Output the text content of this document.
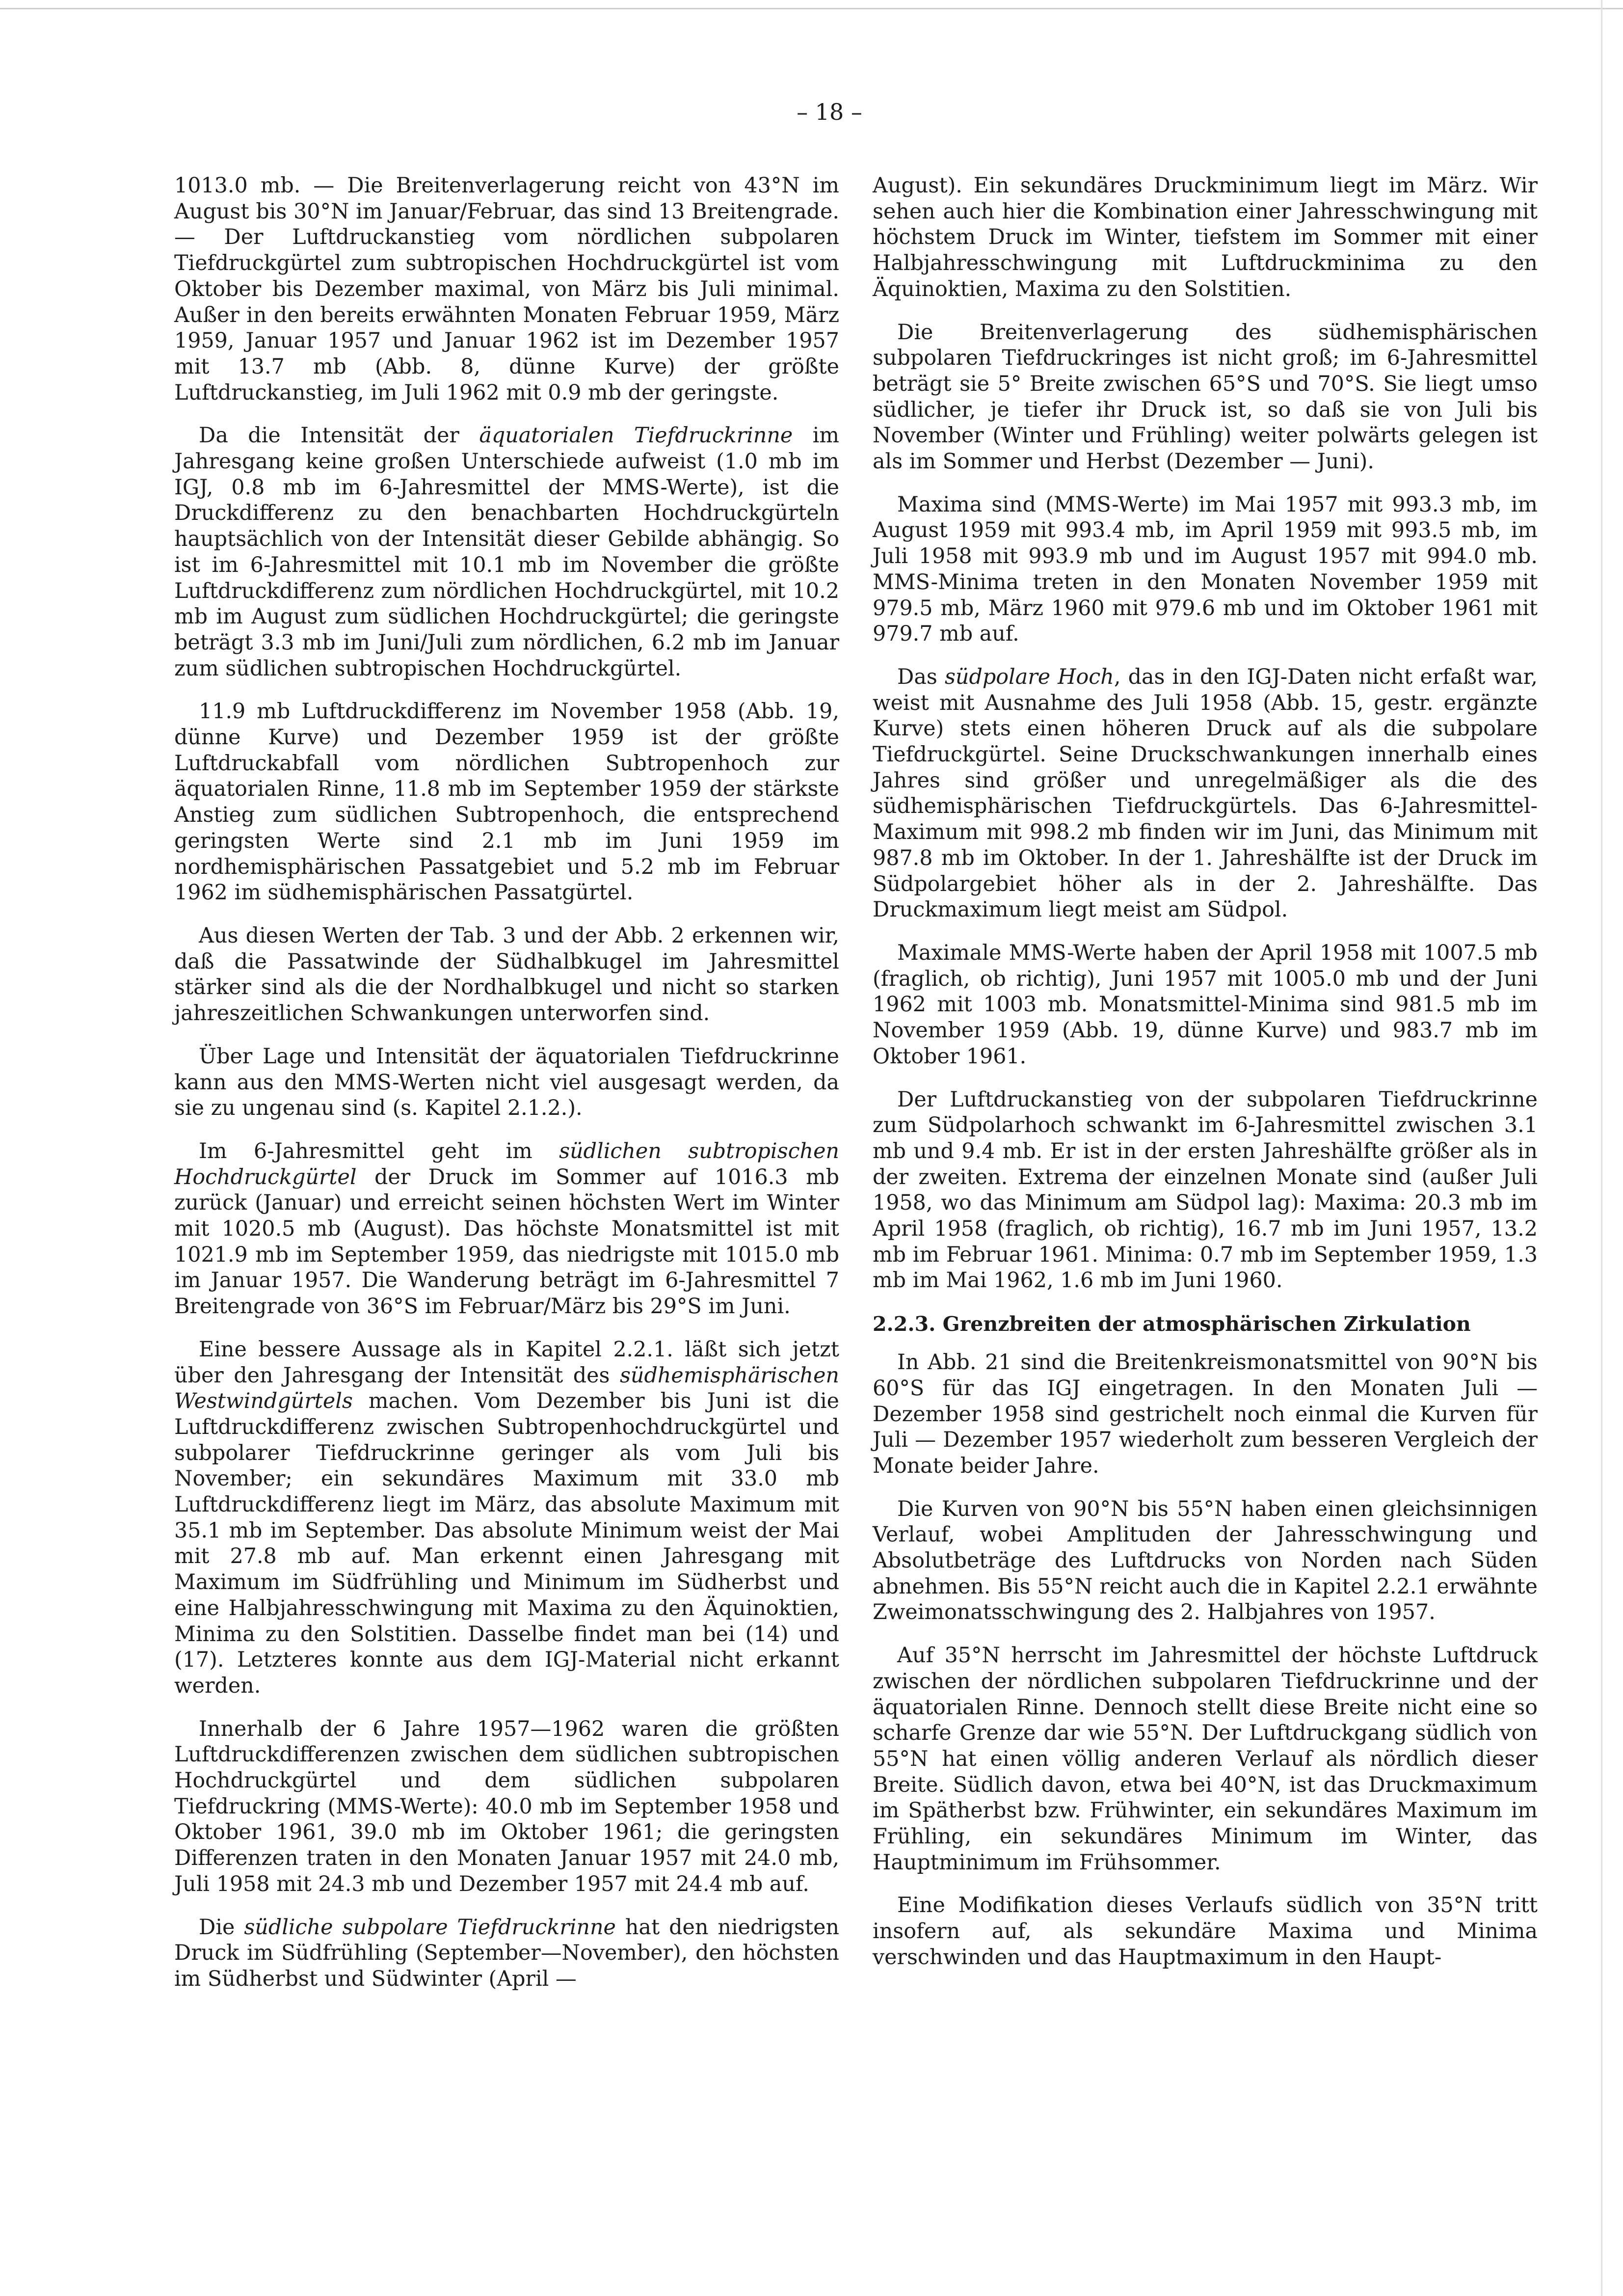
– 18 –

1013.0 mb. — Die Breitenverlagerung reicht von 43°N im August bis 30°N im Januar/Februar, das sind 13 Breitengrade. — Der Luftdruckanstieg vom nördlichen subpolaren Tiefdruckgürtel zum subtropischen Hochdruckgürtel ist vom Oktober bis Dezember maximal, von März bis Juli minimal. Außer in den bereits erwähnten Monaten Februar 1959, März 1959, Januar 1957 und Januar 1962 ist im Dezember 1957 mit 13.7 mb (Abb. 8, dünne Kurve) der größte Luftdruckanstieg, im Juli 1962 mit 0.9 mb der geringste.

Da die Intensität der äquatorialen Tiefdruckrinne im Jahresgang keine großen Unterschiede aufweist (1.0 mb im IGJ, 0.8 mb im 6-Jahresmittel der MMS-Werte), ist die Druckdifferenz zu den benachbarten Hochdruckgürteln hauptsächlich von der Intensität dieser Gebilde abhängig. So ist im 6-Jahresmittel mit 10.1 mb im November die größte Luftdruckdifferenz zum nördlichen Hochdruckgürtel, mit 10.2 mb im August zum südlichen Hochdruckgürtel; die geringste beträgt 3.3 mb im Juni/Juli zum nördlichen, 6.2 mb im Januar zum südlichen subtropischen Hochdruckgürtel.

11.9 mb Luftdruckdifferenz im November 1958 (Abb. 19, dünne Kurve) und Dezember 1959 ist der größte Luftdruckabfall vom nördlichen Subtropenhoch zur äquatorialen Rinne, 11.8 mb im September 1959 der stärkste Anstieg zum südlichen Subtropenhoch, die entsprechend geringsten Werte sind 2.1 mb im Juni 1959 im nordhemisphärischen Passatgebiet und 5.2 mb im Februar 1962 im südhemisphärischen Passatgürtel.

Aus diesen Werten der Tab. 3 und der Abb. 2 erkennen wir, daß die Passatwinde der Südhalbkugel im Jahresmittel stärker sind als die der Nordhalbkugel und nicht so starken jahreszeitlichen Schwankungen unterworfen sind.

Über Lage und Intensität der äquatorialen Tiefdruckrinne kann aus den MMS-Werten nicht viel ausgesagt werden, da sie zu ungenau sind (s. Kapitel 2.1.2.).

Im 6-Jahresmittel geht im südlichen subtropischen Hochdruckgürtel der Druck im Sommer auf 1016.3 mb zurück (Januar) und erreicht seinen höchsten Wert im Winter mit 1020.5 mb (August). Das höchste Monatsmittel ist mit 1021.9 mb im September 1959, das niedrigste mit 1015.0 mb im Januar 1957. Die Wanderung beträgt im 6-Jahresmittel 7 Breitengrade von 36°S im Februar/März bis 29°S im Juni.

Eine bessere Aussage als in Kapitel 2.2.1. läßt sich jetzt über den Jahresgang der Intensität des südhemisphärischen Westwindgürtels machen. Vom Dezember bis Juni ist die Luftdruckdifferenz zwischen Subtropenhochdruckgürtel und subpolarer Tiefdruckrinne geringer als vom Juli bis November; ein sekundäres Maximum mit 33.0 mb Luftdruckdifferenz liegt im März, das absolute Maximum mit 35.1 mb im September. Das absolute Minimum weist der Mai mit 27.8 mb auf. Man erkennt einen Jahresgang mit Maximum im Südfrühling und Minimum im Südherbst und eine Halbjahresschwingung mit Maxima zu den Äquinoktien, Minima zu den Solstitien. Dasselbe findet man bei (14) und (17). Letzteres konnte aus dem IGJ-Material nicht erkannt werden.

Innerhalb der 6 Jahre 1957—1962 waren die größten Luftdruckdifferenzen zwischen dem südlichen subtropischen Hochdruckgürtel und dem südlichen subpolaren Tiefdruckring (MMS-Werte): 40.0 mb im September 1958 und Oktober 1961, 39.0 mb im Oktober 1961; die geringsten Differenzen traten in den Monaten Januar 1957 mit 24.0 mb, Juli 1958 mit 24.3 mb und Dezember 1957 mit 24.4 mb auf.

Die südliche subpolare Tiefdruckrinne hat den niedrigsten Druck im Südfrühling (September—November), den höchsten im Südherbst und Südwinter (April —

August). Ein sekundäres Druckminimum liegt im März. Wir sehen auch hier die Kombination einer Jahresschwingung mit höchstem Druck im Winter, tiefstem im Sommer mit einer Halbjahresschwingung mit Luftdruckminima zu den Äquinoktien, Maxima zu den Solstitien.

Die Breitenverlagerung des südhemisphärischen subpolaren Tiefdruckringes ist nicht groß; im 6-Jahresmittel beträgt sie 5° Breite zwischen 65°S und 70°S. Sie liegt umso südlicher, je tiefer ihr Druck ist, so daß sie von Juli bis November (Winter und Frühling) weiter polwärts gelegen ist als im Sommer und Herbst (Dezember — Juni).

Maxima sind (MMS-Werte) im Mai 1957 mit 993.3 mb, im August 1959 mit 993.4 mb, im April 1959 mit 993.5 mb, im Juli 1958 mit 993.9 mb und im August 1957 mit 994.0 mb. MMS-Minima treten in den Monaten November 1959 mit 979.5 mb, März 1960 mit 979.6 mb und im Oktober 1961 mit 979.7 mb auf.

Das südpolare Hoch, das in den IGJ-Daten nicht erfaßt war, weist mit Ausnahme des Juli 1958 (Abb. 15, gestr. ergänzte Kurve) stets einen höheren Druck auf als die subpolare Tiefdruckgürtel. Seine Druckschwankungen innerhalb eines Jahres sind größer und unregelmäßiger als die des südhemisphärischen Tiefdruckgürtels. Das 6-Jahresmittel-Maximum mit 998.2 mb finden wir im Juni, das Minimum mit 987.8 mb im Oktober. In der 1. Jahreshälfte ist der Druck im Südpolargebiet höher als in der 2. Jahreshälfte. Das Druckmaximum liegt meist am Südpol.

Maximale MMS-Werte haben der April 1958 mit 1007.5 mb (fraglich, ob richtig), Juni 1957 mit 1005.0 mb und der Juni 1962 mit 1003 mb. Monatsmittel-Minima sind 981.5 mb im November 1959 (Abb. 19, dünne Kurve) und 983.7 mb im Oktober 1961.

Der Luftdruckanstieg von der subpolaren Tiefdruckrinne zum Südpolarhoch schwankt im 6-Jahresmittel zwischen 3.1 mb und 9.4 mb. Er ist in der ersten Jahreshälfte größer als in der zweiten. Extrema der einzelnen Monate sind (außer Juli 1958, wo das Minimum am Südpol lag): Maxima: 20.3 mb im April 1958 (fraglich, ob richtig), 16.7 mb im Juni 1957, 13.2 mb im Februar 1961. Minima: 0.7 mb im September 1959, 1.3 mb im Mai 1962, 1.6 mb im Juni 1960.

2.2.3. Grenzbreiten der atmosphärischen Zirkulation

In Abb. 21 sind die Breitenkreismonatsmittel von 90°N bis 60°S für das IGJ eingetragen. In den Monaten Juli — Dezember 1958 sind gestrichelt noch einmal die Kurven für Juli — Dezember 1957 wiederholt zum besseren Vergleich der Monate beider Jahre.

Die Kurven von 90°N bis 55°N haben einen gleichsinnigen Verlauf, wobei Amplituden der Jahresschwingung und Absolutbeträge des Luftdrucks von Norden nach Süden abnehmen. Bis 55°N reicht auch die in Kapitel 2.2.1 erwähnte Zweimonatsschwingung des 2. Halbjahres von 1957.

Auf 35°N herrscht im Jahresmittel der höchste Luftdruck zwischen der nördlichen subpolaren Tiefdruckrinne und der äquatorialen Rinne. Dennoch stellt diese Breite nicht eine so scharfe Grenze dar wie 55°N. Der Luftdruckgang südlich von 55°N hat einen völlig anderen Verlauf als nördlich dieser Breite. Südlich davon, etwa bei 40°N, ist das Druckmaximum im Spätherbst bzw. Frühwinter, ein sekundäres Maximum im Frühling, ein sekundäres Minimum im Winter, das Hauptminimum im Frühsommer.

Eine Modifikation dieses Verlaufs südlich von 35°N tritt insofern auf, als sekundäre Maxima und Minima verschwinden und das Hauptmaximum in den Haupt-
